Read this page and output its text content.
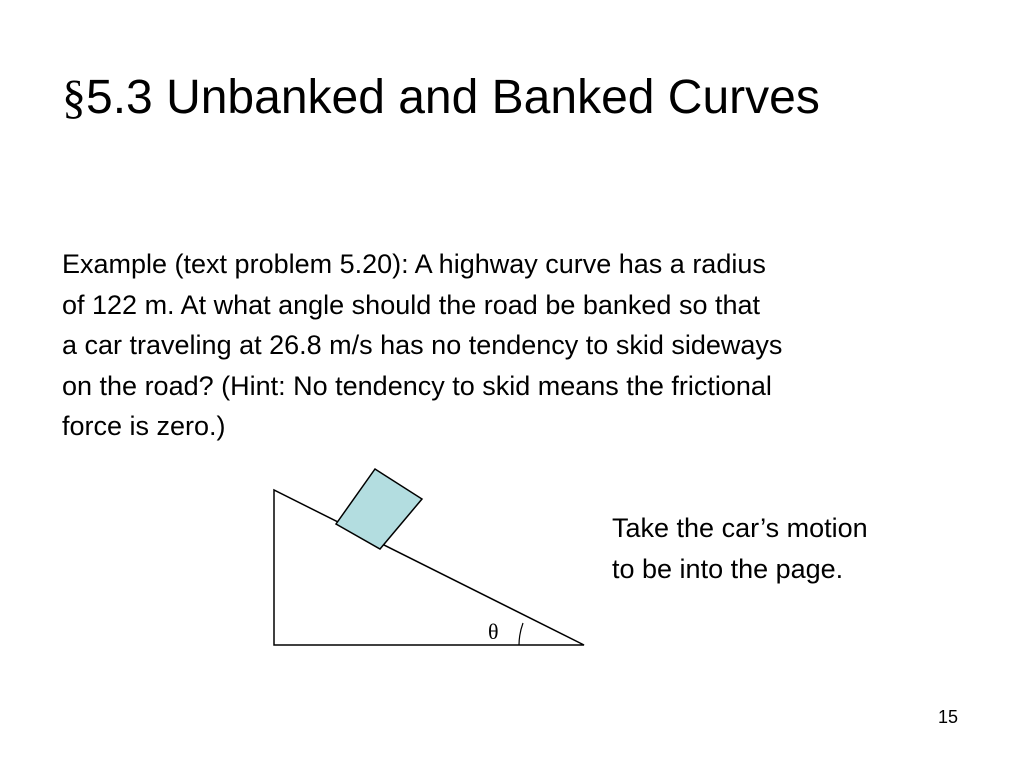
§5.3 Unbanked and Banked Curves
Example (text problem 5.20): A highway curve has a radius
of 122 m. At what angle should the road be banked so that
a car traveling at 26.8 m/s has no tendency to skid sideways
on the road? (Hint: No tendency to skid means the frictional
force is zero.)
θ
Take the car’s motion
to be into the page.
15
